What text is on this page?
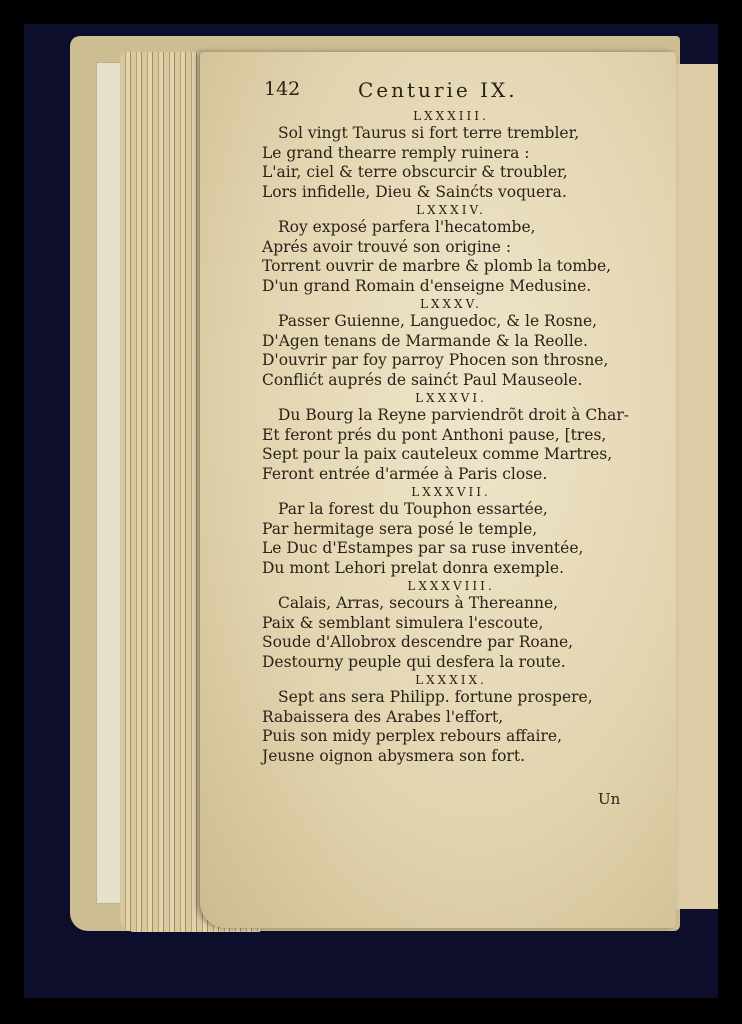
142	Centurie IX.
LXXXIII.
Sol vingt Taurus si fort terre trembler,
Le grand thearre remply ruinera :
L'air, ciel & terre obscurcir & troubler,
Lors infidelle, Dieu & Sainćts voquera.
LXXXIV.
Roy exposé parfera l'hecatombe,
Aprés avoir trouvé son origine :
Torrent ouvrir de marbre & plomb la tombe,
D'un grand Romain d'enseigne Medusine.
LXXXV.
Passer Guienne, Languedoc, & le Rosne,
D'Agen tenans de Marmande & la Reolle.
D'ouvrir par foy parroy Phocen son throsne,
Conflićt auprés de sainćt Paul Mauseole.
LXXXVI.
Du Bourg la Reyne parviendrõt droit à Char-
Et feront prés du pont Anthoni pause, [tres,
Sept pour la paix cauteleux comme Martres,
Feront entrée d'armée à Paris close.
LXXXVII.
Par la forest du Touphon essartée,
Par hermitage sera posé le temple,
Le Duc d'Estampes par sa ruse inventée,
Du mont Lehori prelat donra exemple.
LXXXVIII.
Calais, Arras, secours à Thereanne,
Paix & semblant simulera l'escoute,
Soude d'Allobrox descendre par Roane,
Destourny peuple qui desfera la route.
LXXXIX.
Sept ans sera Philipp. fortune prospere,
Rabaissera des Arabes l'effort,
Puis son midy perplex rebours affaire,
Jeusne oignon abysmera son fort.
Un
